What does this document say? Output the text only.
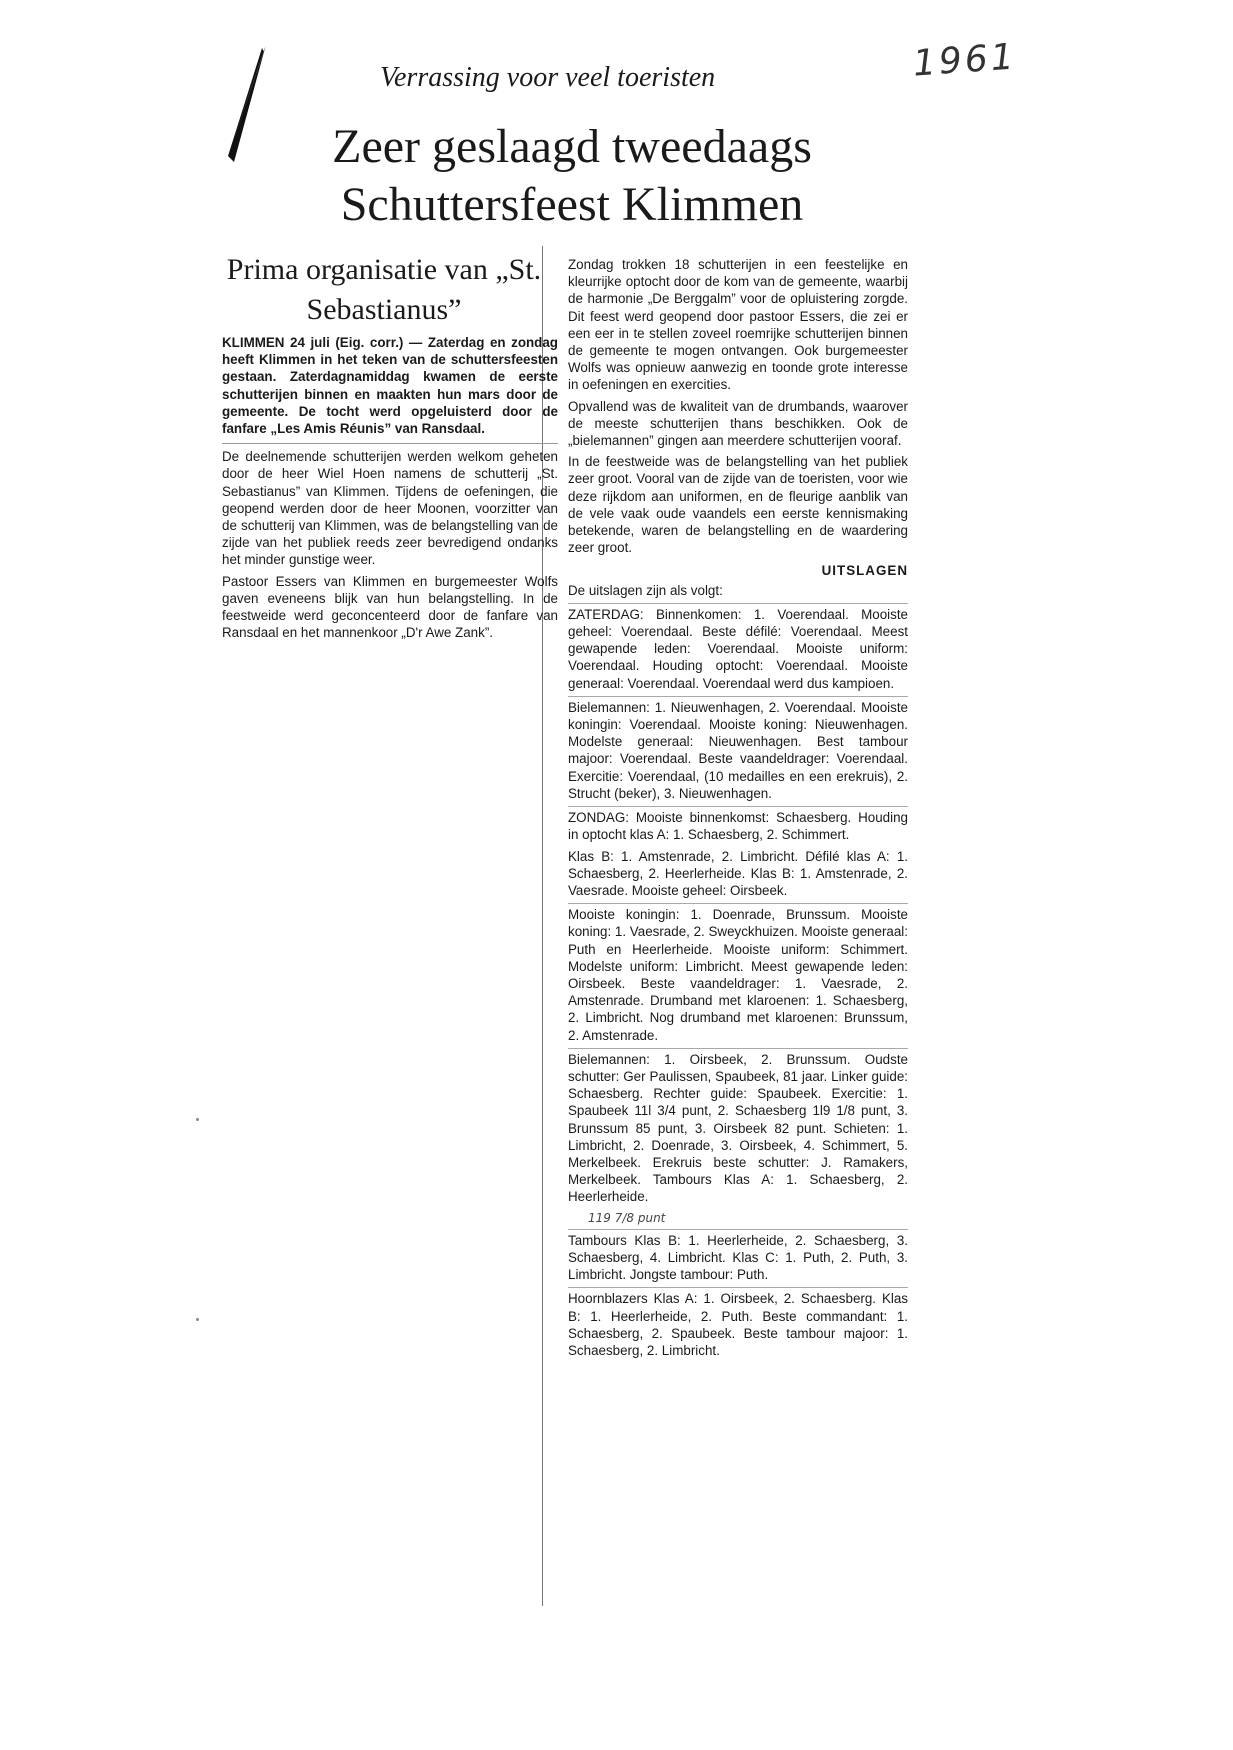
1961
Verrassing voor veel toeristen
Zeer geslaagd tweedaags Schuttersfeest Klimmen
Prima organisatie van „St. Sebastianus”

KLIMMEN 24 juli (Eig. corr.) — Zaterdag en zondag heeft Klimmen in het teken van de schuttersfeesten gestaan. Zaterdagnamiddag kwamen de eerste schutterijen binnen en maakten hun mars door de gemeente. De tocht werd opgeluisterd door de fanfare „Les Amis Réunis” van Ransdaal.

De deelnemende schutterijen werden welkom geheten door de heer Wiel Hoen namens de schutterij „St. Sebastianus” van Klimmen. Tijdens de oefeningen, die geopend werden door de heer Moonen, voorzitter van de schutterij van Klimmen, was de belangstelling van de zijde van het publiek reeds zeer bevredigend ondanks het minder gunstige weer.

Pastoor Essers van Klimmen en burgemeester Wolfs gaven eveneens blijk van hun belangstelling. In de feestweide werd geconcenteerd door de fanfare van Ransdaal en het mannenkoor „D'r Awe Zank”.

Zondag trokken 18 schutterijen in een feestelijke en kleurrijke optocht door de kom van de gemeente, waarbij de harmonie „De Berggalm” voor de opluistering zorgde. Dit feest werd geopend door pastoor Essers, die zei er een eer in te stellen zoveel roemrijke schutterijen binnen de gemeente te mogen ontvangen. Ook burgemeester Wolfs was opnieuw aanwezig en toonde grote interesse in oefeningen en exercities.

Opvallend was de kwaliteit van de drumbands, waarover de meeste schutterijen thans beschikken. Ook de „bielemannen” gingen aan meerdere schutterijen vooraf.

In de feestweide was de belangstelling van het publiek zeer groot. Vooral van de zijde van de toeristen, voor wie deze rijkdom aan uniformen, en de fleurige aanblik van de vele vaak oude vaandels een eerste kennismaking betekende, waren de belangstelling en de waardering zeer groot.

UITSLAGEN

De uitslagen zijn als volgt:

ZATERDAG: Binnenkomen: 1. Voerendaal. Mooiste geheel: Voerendaal. Beste défilé: Voerendaal. Meest gewapende leden: Voerendaal. Mooiste uniform: Voerendaal. Houding optocht: Voerendaal. Mooiste generaal: Voerendaal. Voerendaal werd dus kampioen.

Bielemannen: 1. Nieuwenhagen, 2. Voerendaal. Mooiste koningin: Voerendaal. Mooiste koning: Nieuwenhagen. Modelste generaal: Nieuwenhagen. Best tambour majoor: Voerendaal. Beste vaandeldrager: Voerendaal. Exercitie: Voerendaal, (10 medailles en een erekruis), 2. Strucht (beker), 3. Nieuwenhagen.

ZONDAG: Mooiste binnenkomst: Schaesberg. Houding in optocht klas A: 1. Schaesberg, 2. Schimmert.

Klas B: 1. Amstenrade, 2. Limbricht. Défilé klas A: 1. Schaesberg, 2. Heerlerheide. Klas B: 1. Amstenrade, 2. Vaesrade. Mooiste geheel: Oirsbeek.

Mooiste koningin: 1. Doenrade, Brunssum. Mooiste koning: 1. Vaesrade, 2. Sweyckhuizen. Mooiste generaal: Puth en Heerlerheide. Mooiste uniform: Schimmert. Modelste uniform: Limbricht. Meest gewapende leden: Oirsbeek. Beste vaandeldrager: 1. Vaesrade, 2. Amstenrade. Drumband met klaroenen: 1. Schaesberg, 2. Limbricht. Nog drumband met klaroenen: Brunssum, 2. Amstenrade.

Bielemannen: 1. Oirsbeek, 2. Brunssum. Oudste schutter: Ger Paulissen, Spaubeek, 81 jaar. Linker guide: Schaesberg. Rechter guide: Spaubeek. Exercitie: 1. Spaubeek 11l 3/4 punt, 2. Schaesberg 1l9 1/8 punt, 3. Brunssum 85 punt, 3. Oirsbeek 82 punt. Schieten: 1. Limbricht, 2. Doenrade, 3. Oirsbeek, 4. Schimmert, 5. Merkelbeek. Erekruis beste schutter: J. Ramakers, Merkelbeek. Tambours Klas A: 1. Schaesberg, 2. Heerlerheide.

119 7/8 punt

Tambours Klas B: 1. Heerlerheide, 2. Schaesberg, 3. Schaesberg, 4. Limbricht. Klas C: 1. Puth, 2. Puth, 3. Limbricht. Jongste tambour: Puth.

Hoornblazers Klas A: 1. Oirsbeek, 2. Schaesberg. Klas B: 1. Heerlerheide, 2. Puth. Beste commandant: 1. Schaesberg, 2. Spaubeek. Beste tambour majoor: 1. Schaesberg, 2. Limbricht.
